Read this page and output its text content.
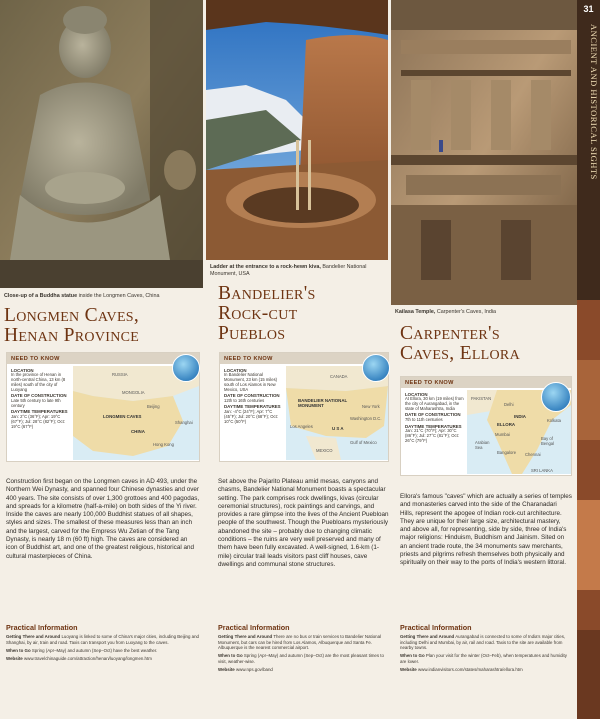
Close-up of a Buddha statue inside the Longmen Caves, China
Ladder at the entrance to a rock-hewn kiva, Bandelier National Monument, USA
Kailasa Temple, Carpenter's Caves, India
31
ANCIENT AND HISTORICAL SIGHTS
Longmen Caves,
Henan Province
Bandelier's
Rock-cut
Pueblos	Carpenter's
Caves, Ellora
NEED TO KNOW
LOCATION
In the province of Henan in north-central China, 13 km (8 miles) south of the city of Luoyang
DATE OF CONSTRUCTION
Late 5th century to late 9th century
DAYTIME TEMPERATURES
Jan: 2°C (36°F); Apr: 19°C (67°F); Jul: 28°C (82°F); Oct: 19°C (67°F)
RUSSIA
MONGOLIA
Beijing
LONGMEN CAVES
Shanghai
CHINA
Hong Kong
NEED TO KNOW
LOCATION
In Bandelier National Monument, 23 km (15 miles) south of Los Alamos in New Mexico, USA
DATE OF CONSTRUCTION
12th to 16th centuries
DAYTIME TEMPERATURES
Jan: -4°C (24°F); Apr: 7°C (45°F); Jul: 20°C (68°F); Oct: 10°C (50°F)
CANADA
BANDELIER NATIONAL MONUMENT	New York
Washington D.C.
Los Angeles	U S A
Gulf of Mexico
MEXICO
NEED TO KNOW
LOCATION
At Ellora, 30 km (19 miles) from the city of Aurangabad, in the state of Maharashtra, India
DATE OF CONSTRUCTION
7th to 11th centuries
DAYTIME TEMPERATURES
Jan: 21°C (70°F); Apr: 30°C (86°F); Jul: 27°C (81°F); Oct: 26°C (79°F)
PAKISTAN
Delhi
INDIA
Kolkata
ELLORA
Mumbai
Arabian Sea
Bay of Bengal
Bangalore Chennai
SRI LANKA
Construction first began on the Longmen caves in AD 493, under the Northern Wei Dynasty, and spanned four Chinese dynasties and over 400 years. The site consists of over 1,300 grottoes and 400 pagodas, and spreads for a kilometre (half-a-mile) on both sides of the Yi river. Inside the caves are nearly 100,000 Buddhist statues of all shapes, styles and sizes. The smallest of these measures less than an inch and the largest, carved for the Empress Wu Zetian of the Tang Dynasty, is nearly 18 m (60 ft) high. The caves are considered an icon of Buddhist art, and one of the greatest religious, historical and cultural masterpieces of China.
Set above the Pajarito Plateau amid mesas, canyons and chasms, Bandelier National Monument boasts a spectacular setting. The park comprises rock dwellings, kivas (circular ceremonial structures), rock paintings and carvings, and provides a rare glimpse into the lives of the Ancient Puebloan people of the southwest. Though the Puebloans mysteriously abandoned the site – probably due to changing climatic conditions – the ruins are very well preserved and many of them have been fully excavated. A well-signed, 1.6-km (1-mile) circular trail leads visitors past cliff houses, cave dwellings and communal stone structures.
Ellora's famous "caves" which are actually a series of temples and monasteries carved into the side of the Charanadari Hills, represent the apogee of Indian rock-cut architecture. They are unique for their large size, architectural mastery, and above all, for representing, side by side, three of India's major religions: Hinduism, Buddhism and Jainism. Sited on an ancient trade route, the 34 monuments saw merchants, priests and pilgrims refresh themselves both physically and spiritually on their way to the ports of India's western littoral.
Practical Information	Practical Information	Practical Information

Getting There and Around Luoyang is linked to some of China's major cities, including Beijing and Shanghai, by air, train and road. Taxis can transport you from Luoyang to the caves.

When to Go Spring (Apr–May) and autumn (Sep–Oct) have the best weather.

Website www.travelchinaguide.com/attraction/henan/luoyang/longmen.htm

Getting There and Around There are no bus or train services to Bandelier National Monument, but cars can be hired from Los Alamos, Albuquerque and Santa Fe. Albuquerque is the nearest commercial airport.

When to Go Spring (Apr–May) and autumn (Sep–Oct) are the most pleasant times to visit, weather-wise.

Website www.nps.gov/band

Getting There and Around Aurangabad is connected to some of India's major cities, including Delhi and Mumbai, by air, rail and road. Taxis to the site are available from nearby towns.

When to Go Plan your visit for the winter (Oct–Feb), when temperatures and humidity are lower.

Website www.indianvisitors.com/states/maharashtra/ellora.htm
